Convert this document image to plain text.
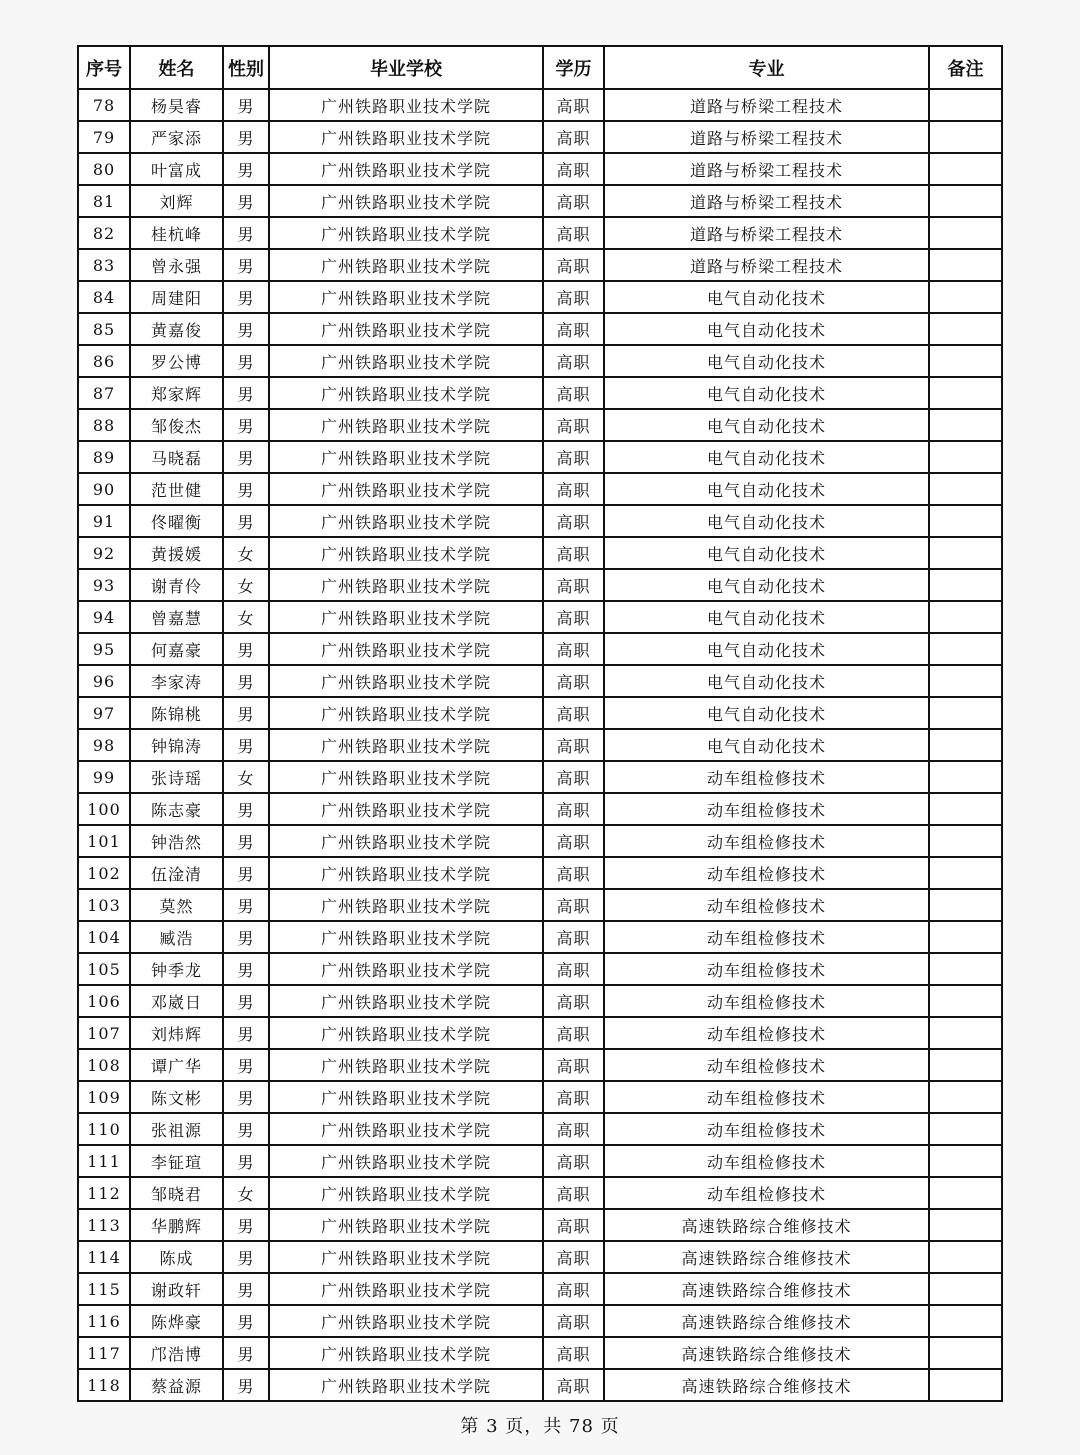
序号	姓名	性别	毕业学校	学历	专业	备注
78	杨昊睿	男	广州铁路职业技术学院	高职	道路与桥梁工程技术	
79	严家添	男	广州铁路职业技术学院	高职	道路与桥梁工程技术	
80	叶富成	男	广州铁路职业技术学院	高职	道路与桥梁工程技术	
81	刘辉	男	广州铁路职业技术学院	高职	道路与桥梁工程技术	
82	桂杭峰	男	广州铁路职业技术学院	高职	道路与桥梁工程技术	
83	曾永强	男	广州铁路职业技术学院	高职	道路与桥梁工程技术	
84	周建阳	男	广州铁路职业技术学院	高职	电气自动化技术	
85	黄嘉俊	男	广州铁路职业技术学院	高职	电气自动化技术	
86	罗公博	男	广州铁路职业技术学院	高职	电气自动化技术	
87	郑家辉	男	广州铁路职业技术学院	高职	电气自动化技术	
88	邹俊杰	男	广州铁路职业技术学院	高职	电气自动化技术	
89	马晓磊	男	广州铁路职业技术学院	高职	电气自动化技术	
90	范世健	男	广州铁路职业技术学院	高职	电气自动化技术	
91	佟曜衡	男	广州铁路职业技术学院	高职	电气自动化技术	
92	黄援媛	女	广州铁路职业技术学院	高职	电气自动化技术	
93	谢青伶	女	广州铁路职业技术学院	高职	电气自动化技术	
94	曾嘉慧	女	广州铁路职业技术学院	高职	电气自动化技术	
95	何嘉豪	男	广州铁路职业技术学院	高职	电气自动化技术	
96	李家涛	男	广州铁路职业技术学院	高职	电气自动化技术	
97	陈锦桃	男	广州铁路职业技术学院	高职	电气自动化技术	
98	钟锦涛	男	广州铁路职业技术学院	高职	电气自动化技术	
99	张诗瑶	女	广州铁路职业技术学院	高职	动车组检修技术	
100	陈志豪	男	广州铁路职业技术学院	高职	动车组检修技术	
101	钟浩然	男	广州铁路职业技术学院	高职	动车组检修技术	
102	伍淦清	男	广州铁路职业技术学院	高职	动车组检修技术	
103	莫然	男	广州铁路职业技术学院	高职	动车组检修技术	
104	臧浩	男	广州铁路职业技术学院	高职	动车组检修技术	
105	钟季龙	男	广州铁路职业技术学院	高职	动车组检修技术	
106	邓崴日	男	广州铁路职业技术学院	高职	动车组检修技术	
107	刘炜辉	男	广州铁路职业技术学院	高职	动车组检修技术	
108	谭广华	男	广州铁路职业技术学院	高职	动车组检修技术	
109	陈文彬	男	广州铁路职业技术学院	高职	动车组检修技术	
110	张祖源	男	广州铁路职业技术学院	高职	动车组检修技术	
111	李钲瑄	男	广州铁路职业技术学院	高职	动车组检修技术	
112	邹晓君	女	广州铁路职业技术学院	高职	动车组检修技术	
113	华鹏辉	男	广州铁路职业技术学院	高职	高速铁路综合维修技术	
114	陈成	男	广州铁路职业技术学院	高职	高速铁路综合维修技术	
115	谢政轩	男	广州铁路职业技术学院	高职	高速铁路综合维修技术	
116	陈烨豪	男	广州铁路职业技术学院	高职	高速铁路综合维修技术	
117	邝浩博	男	广州铁路职业技术学院	高职	高速铁路综合维修技术	
118	蔡益源	男	广州铁路职业技术学院	高职	高速铁路综合维修技术	
第 3 页，共 78 页
